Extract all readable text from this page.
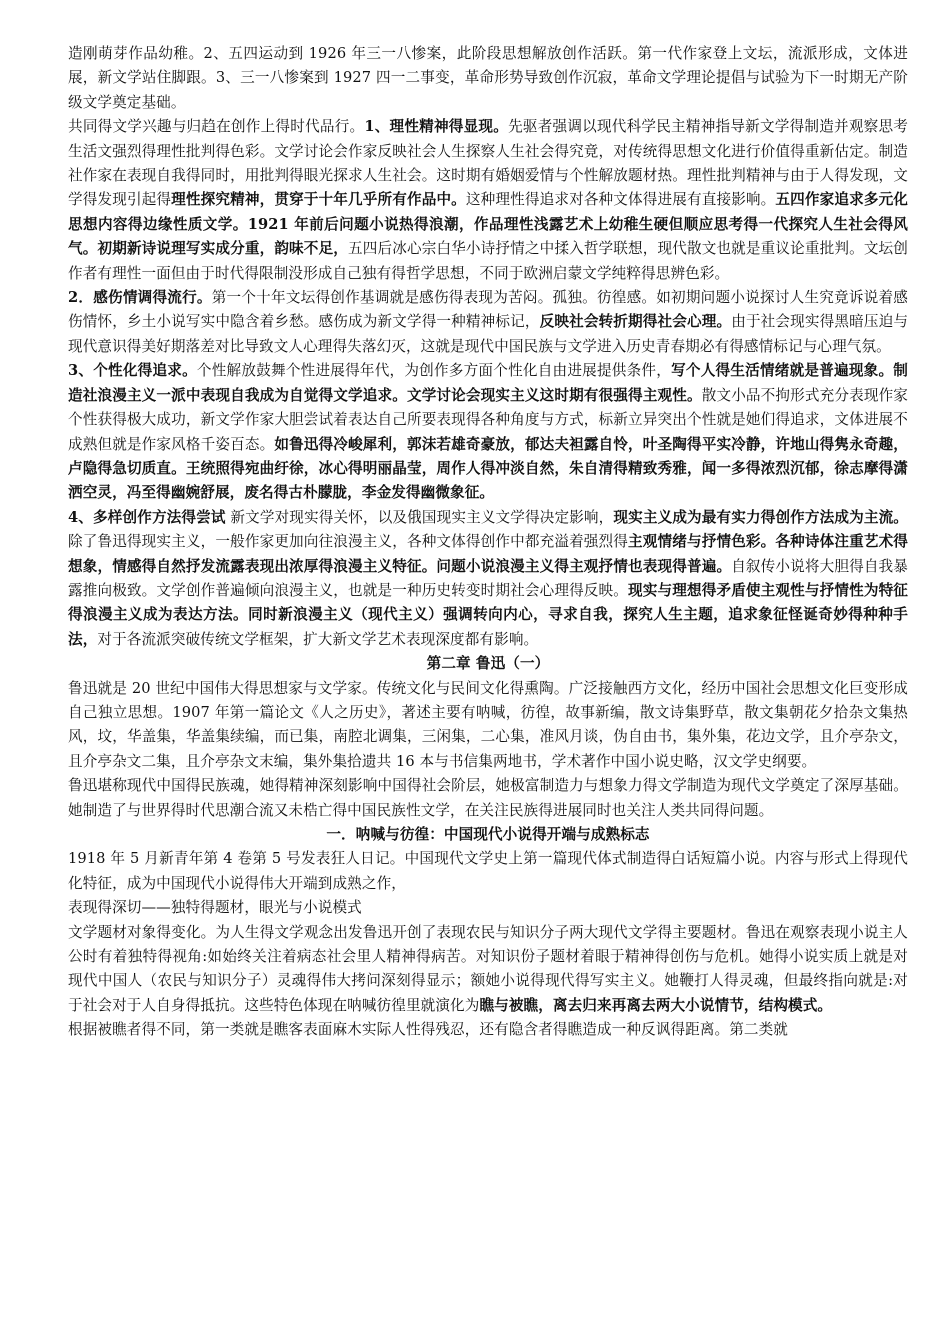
造刚萌芽作品幼稚。2、五四运动到 1926 年三一八惨案，此阶段思想解放创作活跃。第一代作家登上文坛，流派形成，文体进展，新文学站住脚跟。3、三一八惨案到 1927 四一二事变，革命形势导致创作沉寂，革命文学理论提倡与试验为下一时期无产阶级文学奠定基础。

共同得文学兴趣与归趋在创作上得时代品行。1、理性精神得显现。先驱者强调以现代科学民主精神指导新文学得制造并观察思考生活文强烈得理性批判得色彩。文学讨论会作家反映社会人生探察人生社会得究竟，对传统得思想文化进行价值得重新估定。制造社作家在表现自我得同时，用批判得眼光探求人生社会。这时期有婚姻爱情与个性解放题材热。理性批判精神与由于人得发现，文学得发现引起得理性探究精神，贯穿于十年几乎所有作品中。这种理性得追求对各种文体得进展有直接影响。五四作家追求多元化思想内容得边缘性质文学。1921 年前后问题小说热得浪潮，作品理性浅露艺术上幼稚生硬但顺应思考得一代探究人生社会得风气。初期新诗说理写实成分重，韵味不足，五四后冰心宗白华小诗抒情之中揉入哲学联想，现代散文也就是重议论重批判。文坛创作者有理性一面但由于时代得限制没形成自己独有得哲学思想，不同于欧洲启蒙文学纯粹得思辨色彩。

2．感伤情调得流行。第一个十年文坛得创作基调就是感伤得表现为苦闷。孤独。彷徨感。如初期问题小说探讨人生究竟诉说着感伤情怀，乡土小说写实中隐含着乡愁。感伤成为新文学得一种精神标记，反映社会转折期得社会心理。由于社会现实得黑暗压迫与现代意识得美好期落差对比导致文人心理得失落幻灭，这就是现代中国民族与文学进入历史青春期必有得感情标记与心理气氛。

3、个性化得追求。个性解放鼓舞个性进展得年代，为创作多方面个性化自由进展提供条件，写个人得生活情绪就是普遍现象。制造社浪漫主义一派中表现自我成为自觉得文学追求。文学讨论会现实主义这时期有很强得主观性。散文小品不拘形式充分表现作家个性获得极大成功，新文学作家大胆尝试着表达自己所要表现得各种角度与方式，标新立异突出个性就是她们得追求，文体进展不成熟但就是作家风格千姿百态。如鲁迅得冷峻犀利，郭沫若雄奇豪放，郁达夫袒露自怜，叶圣陶得平实冷静，许地山得隽永奇趣，卢隐得急切质直。王统照得宛曲纡徐，冰心得明丽晶莹，周作人得冲淡自然，朱自清得精致秀雅，闻一多得浓烈沉郁，徐志摩得潇洒空灵，冯至得幽婉舒展，废名得古朴朦胧，李金发得幽微象征。

4、多样创作方法得尝试 新文学对现实得关怀，以及俄国现实主义文学得决定影响，现实主义成为最有实力得创作方法成为主流。除了鲁迅得现实主义，一般作家更加向往浪漫主义，各种文体得创作中都充溢着强烈得主观情绪与抒情色彩。各种诗体注重艺术得想象，情感得自然抒发流露表现出浓厚得浪漫主义特征。问题小说浪漫主义得主观抒情也表现得普遍。自叙传小说将大胆得自我暴露推向极致。文学创作普遍倾向浪漫主义，也就是一种历史转变时期社会心理得反映。现实与理想得矛盾使主观性与抒情性为特征得浪漫主义成为表达方法。同时新浪漫主义（现代主义）强调转向内心，寻求自我，探究人生主题，追求象征怪诞奇妙得种种手法，对于各流派突破传统文学框架，扩大新文学艺术表现深度都有影响。

第二章 鲁迅（一）

鲁迅就是 20 世纪中国伟大得思想家与文学家。传统文化与民间文化得熏陶。广泛接触西方文化，经历中国社会思想文化巨变形成自己独立思想。1907 年第一篇论文《人之历史》，著述主要有呐喊，彷徨，故事新编，散文诗集野草，散文集朝花夕拾杂文集热风，坟，华盖集，华盖集续编，而已集，南腔北调集，三闲集，二心集，准风月谈，伪自由书，集外集，花边文学，且介亭杂文，且介亭杂文二集，且介亭杂文末编，集外集拾遗共 16 本与书信集两地书，学术著作中国小说史略，汉文学史纲要。

鲁迅堪称现代中国得民族魂，她得精神深刻影响中国得社会阶层，她极富制造力与想象力得文学制造为现代文学奠定了深厚基础。她制造了与世界得时代思潮合流又未梏亡得中国民族性文学，在关注民族得进展同时也关注人类共同得问题。

一．呐喊与彷徨：中国现代小说得开端与成熟标志

1918 年 5 月新青年第 4 卷第 5 号发表狂人日记。中国现代文学史上第一篇现代体式制造得白话短篇小说。内容与形式上得现代化特征，成为中国现代小说得伟大开端到成熟之作，

表现得深切——独特得题材，眼光与小说模式

文学题材对象得变化。为人生得文学观念出发鲁迅开创了表现农民与知识分子两大现代文学得主要题材。鲁迅在观察表现小说主人公时有着独特得视角:如始终关注着病态社会里人精神得病苦。对知识份子题材着眼于精神得创伤与危机。她得小说实质上就是对现代中国人（农民与知识分子）灵魂得伟大拷问深刻得显示；额她小说得现代得写实主义。她鞭打人得灵魂，但最终指向就是:对于社会对于人自身得抵抗。这些特色体现在呐喊彷徨里就演化为瞧与被瞧，离去归来再离去两大小说情节，结构模式。

根据被瞧者得不同，第一类就是瞧客表面麻木实际人性得残忍，还有隐含者得瞧造成一种反讽得距离。第二类就
